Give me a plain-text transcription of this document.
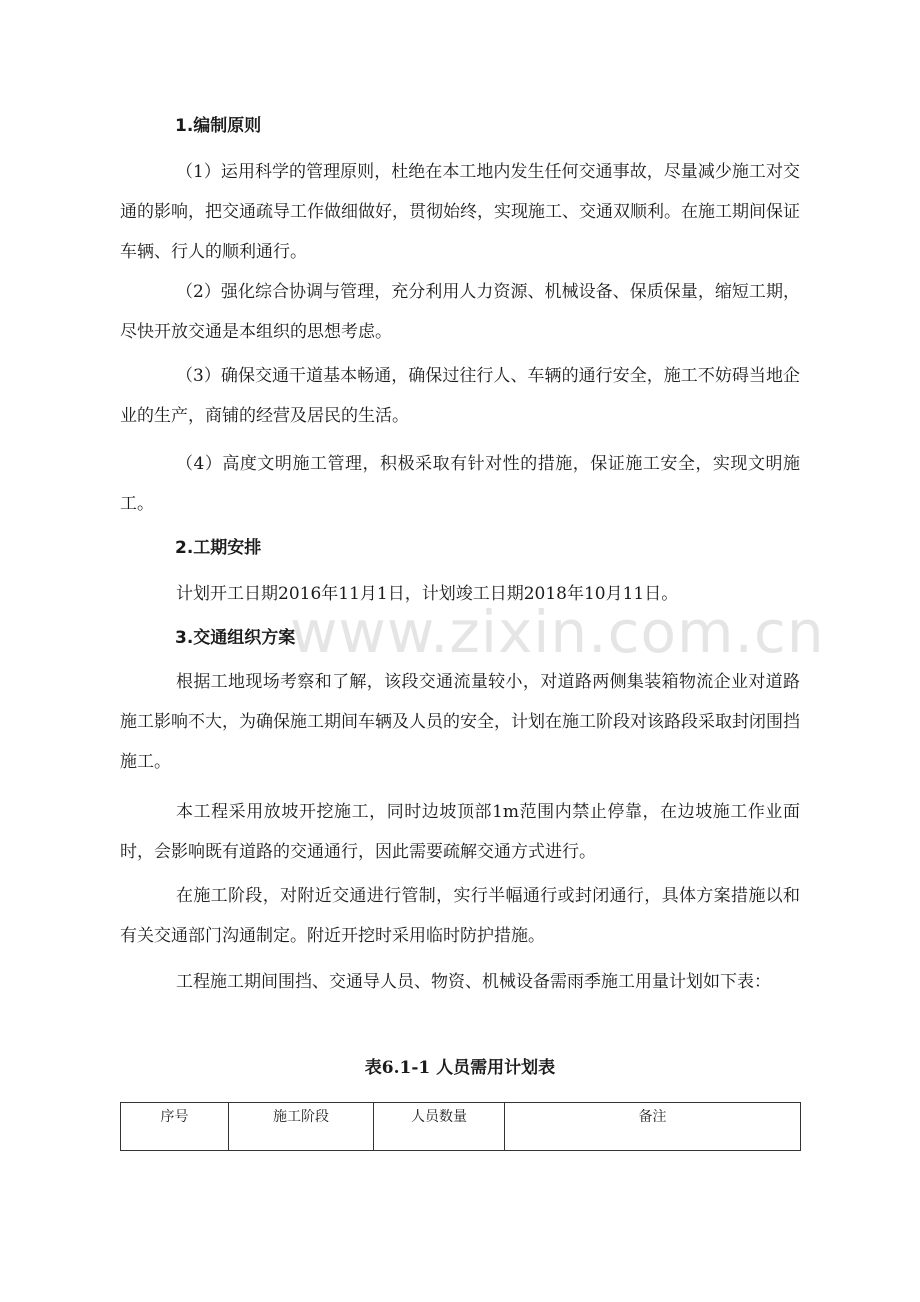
1.编制原则

（1）运用科学的管理原则，杜绝在本工地内发生任何交通事故，尽量减少施工对交通的影响，把交通疏导工作做细做好，贯彻始终，实现施工、交通双顺利。在施工期间保证车辆、行人的顺利通行。

（2）强化综合协调与管理，充分利用人力资源、机械设备、保质保量，缩短工期，尽快开放交通是本组织的思想考虑。

（3）确保交通干道基本畅通，确保过往行人、车辆的通行安全，施工不妨碍当地企业的生产，商铺的经营及居民的生活。

（4）高度文明施工管理，积极采取有针对性的措施，保证施工安全，实现文明施工。

2.工期安排

计划开工日期2016年11月1日，计划竣工日期2018年10月11日。

3.交通组织方案

根据工地现场考察和了解，该段交通流量较小，对道路两侧集装箱物流企业对道路施工影响不大，为确保施工期间车辆及人员的安全，计划在施工阶段对该路段采取封闭围挡施工。

本工程采用放坡开挖施工，同时边坡顶部1m范围内禁止停靠，在边坡施工作业面时，会影响既有道路的交通通行，因此需要疏解交通方式进行。

在施工阶段，对附近交通进行管制，实行半幅通行或封闭通行，具体方案措施以和有关交通部门沟通制定。附近开挖时采用临时防护措施。

工程施工期间围挡、交通导人员、物资、机械设备需雨季施工用量计划如下表：

www.zixin.com.cn
表6.1-1 人员需用计划表
序号	施工阶段	人员数量	备注
